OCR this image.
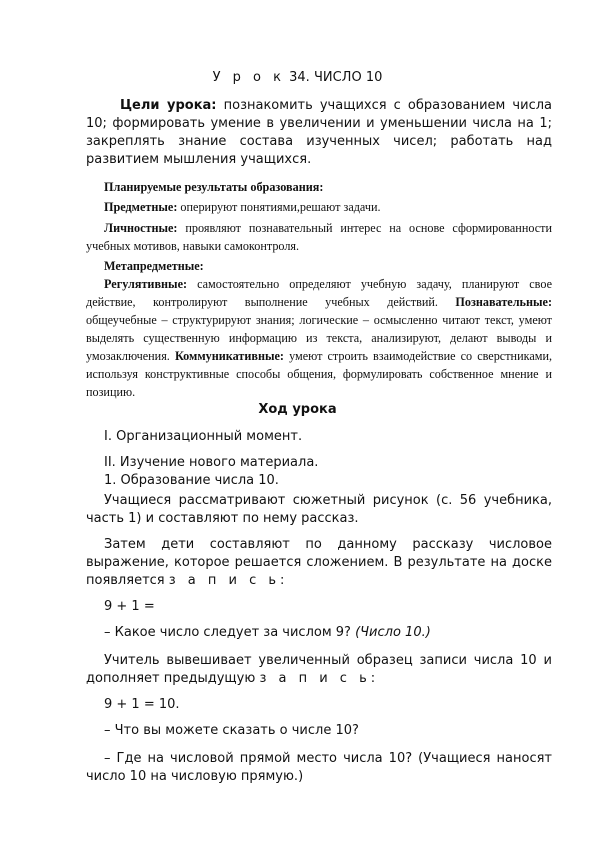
У р о к 34. ЧИСЛО 10
Цели урока: познакомить учащихся с образованием числа 10; формировать умение в увеличении и уменьшении числа на 1; закреплять знание состава изученных чисел; работать над развитием мышления учащихся.
Планируемые результаты образования:
Предметные: оперируют понятиями,решают задачи.
Личностные: проявляют познавательный интерес на основе сформированности учебных мотивов, навыки самоконтроля.
Метапредметные:
Регулятивные: самостоятельно определяют учебную задачу, планируют свое действие, контролируют выполнение учебных действий. Познавательные: общеучебные – структурируют знания; логические – осмысленно читают текст, умеют выделять существенную информацию из текста, анализируют, делают выводы и умозаключения. Коммуникативные: умеют строить взаимодействие со сверстниками, используя конструктивные способы общения, формулировать собственное мнение и позицию.
Ход урока
I. Организационный момент.
II. Изучение нового материала.
1. Образование числа 10.
Учащиеся рассматривают сюжетный рисунок (с. 56 учебника, часть 1) и составляют по нему рассказ.
Затем дети составляют по данному рассказу числовое выражение, которое решается сложением. В результате на доске появляется з а п и с ь:
9 + 1 =
– Какое число следует за числом 9? (Число 10.)
Учитель вывешивает увеличенный образец записи числа 10 и дополняет предыдущую з а п и с ь:
9 + 1 = 10.
– Что вы можете сказать о числе 10?
– Где на числовой прямой место числа 10? (Учащиеся наносят число 10 на числовую прямую.)
